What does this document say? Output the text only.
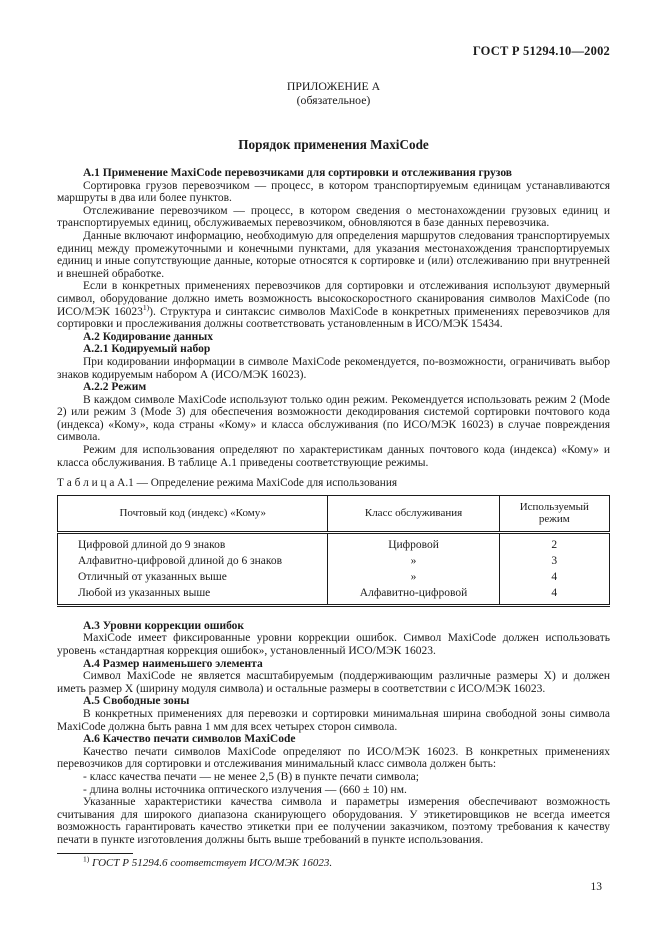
ГОСТ Р 51294.10—2002
ПРИЛОЖЕНИЕ А
(обязательное)
Порядок применения MaxiCode

А.1 Применение MaxiCode перевозчиками для сортировки и отслеживания грузов

Сортировка грузов перевозчиком — процесс, в котором транспортируемым единицам устанавливаются маршруты в два или более пунктов.

Отслеживание перевозчиком — процесс, в котором сведения о местонахождении грузовых единиц и транспортируемых единиц, обслуживаемых перевозчиком, обновляются в базе данных перевозчика.

Данные включают информацию, необходимую для определения маршрутов следования транспортируемых единиц между промежуточными и конечными пунктами, для указания местонахождения транспортируемых единиц и иные сопутствующие данные, которые относятся к сортировке и (или) отслеживанию при внутренней и внешней обработке.

Если в конкретных применениях перевозчиков для сортировки и отслеживания используют двумерный символ, оборудование должно иметь возможность высокоскоростного сканирования символов MaxiCode (по ИСО/МЭК 16023$^{1)}$). Структура и синтаксис символов MaxiCode в конкретных применениях перевозчиков для сортировки и прослеживания должны соответствовать установленным в ИСО/МЭК 15434.

А.2 Кодирование данных

А.2.1 Кодируемый набор

При кодировании информации в символе MaxiCode рекомендуется, по-возможности, ограничивать выбор знаков кодируемым набором А (ИСО/МЭК 16023).

А.2.2 Режим

В каждом символе MaxiCode используют только один режим. Рекомендуется использовать режим 2 (Mode 2) или режим 3 (Mode 3) для обеспечения возможности декодирования системой сортировки почтового кода (индекса) «Кому», кода страны «Кому» и класса обслуживания (по ИСО/МЭК 16023) в случае повреждения символа.

Режим для использования определяют по характеристикам данных почтового кода (индекса) «Кому» и класса обслуживания. В таблице А.1 приведены соответствующие режимы.

Т а б л и ц а А.1 — Определение режима MaxiCode для использования

Почтовый код (индекс) «Кому»	Класс обслуживания	Используемый режим
Цифровой длиной до 9 знаков	Цифровой	2
Алфавитно-цифровой длиной до 6 знаков	»	3
Отличный от указанных выше	»	4
Любой из указанных выше	Алфавитно-цифровой	4

А.3 Уровни коррекции ошибок

MaxiCode имеет фиксированные уровни коррекции ошибок. Символ MaxiCode должен использовать уровень «стандартная коррекция ошибок», установленный ИСО/МЭК 16023.

А.4 Размер наименьшего элемента

Символ MaxiCode не является масштабируемым (поддерживающим различные размеры X) и должен иметь размер X (ширину модуля символа) и остальные размеры в соответствии с ИСО/МЭК 16023.

А.5 Свободные зоны

В конкретных применениях для перевозки и сортировки минимальная ширина свободной зоны символа MaxiCode должна быть равна 1 мм для всех четырех сторон символа.

А.6 Качество печати символов MaxiCode

Качество печати символов MaxiCode определяют по ИСО/МЭК 16023. В конкретных применениях перевозчиков для сортировки и отслеживания минимальный класс символа должен быть:

- класс качества печати — не менее 2,5 (В) в пункте печати символа;

- длина волны источника оптического излучения — (660 ± 10) нм.

Указанные характеристики качества символа и параметры измерения обеспечивают возможность считывания для широкого диапазона сканирующего оборудования. У этикетировщиков не всегда имеется возможность гарантировать качество этикетки при ее получении заказчиком, поэтому требования к качеству печати в пункте изготовления должны быть выше требований в пункте использования.

$^{1)}$ ГОСТ Р 51294.6 соответствует ИСО/МЭК 16023.

13
